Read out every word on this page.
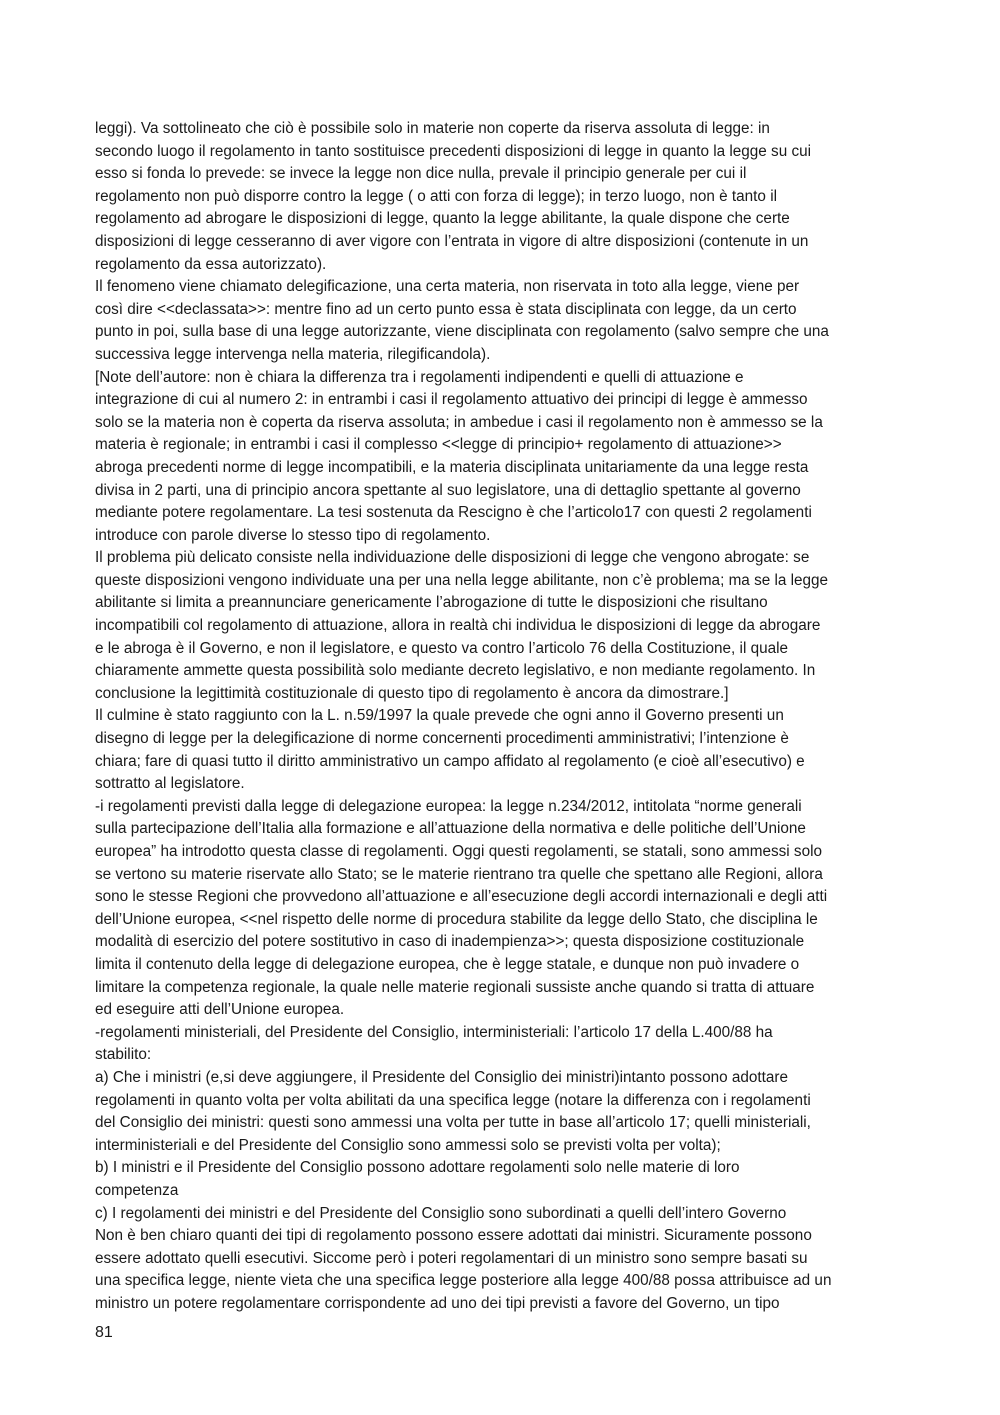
leggi). Va sottolineato che ciò è possibile solo in materie non coperte da riserva assoluta di legge: in
secondo luogo il regolamento in tanto sostituisce precedenti disposizioni di legge in quanto la legge su cui
esso si fonda lo prevede: se invece la legge non dice nulla, prevale il principio generale per cui il
regolamento non può disporre contro la legge ( o atti con forza di legge); in terzo luogo, non è tanto il
regolamento ad abrogare le disposizioni di legge, quanto la legge abilitante, la quale dispone che certe
disposizioni di legge cesseranno di aver vigore con l’entrata in vigore di altre disposizioni (contenute in un
regolamento da essa autorizzato).
Il fenomeno viene chiamato delegificazione, una certa materia, non riservata in toto alla legge, viene per
così dire <<declassata>>: mentre fino ad un certo punto essa è stata disciplinata con legge, da un certo
punto in poi, sulla base di una legge autorizzante, viene disciplinata con regolamento (salvo sempre che una
successiva legge intervenga nella materia, rilegificandola).
[Note dell’autore: non è chiara la differenza tra i regolamenti indipendenti e quelli di attuazione e
integrazione di cui al numero 2: in entrambi i casi il regolamento attuativo dei principi di legge è ammesso
solo se la materia non è coperta da riserva assoluta; in ambedue i casi il regolamento non è ammesso se la
materia è regionale; in entrambi i casi il complesso <<legge di principio+ regolamento di attuazione>>
abroga precedenti norme di legge incompatibili, e la materia disciplinata unitariamente da una legge resta
divisa in 2 parti, una di principio ancora spettante al suo legislatore, una di dettaglio spettante al governo
mediante potere regolamentare. La tesi sostenuta da Rescigno è che l’articolo17 con questi 2 regolamenti
introduce con parole diverse lo stesso tipo di regolamento.
Il problema più delicato consiste nella individuazione delle disposizioni di legge che vengono abrogate: se
queste disposizioni vengono individuate una per una nella legge abilitante, non c’è problema; ma se la legge
abilitante si limita a preannunciare genericamente l’abrogazione di tutte le disposizioni che risultano
incompatibili col regolamento di attuazione, allora in realtà chi individua le disposizioni di legge da abrogare
e le abroga è il Governo, e non il legislatore, e questo va contro l’articolo 76 della Costituzione, il quale
chiaramente ammette questa possibilità solo mediante decreto legislativo, e non mediante regolamento. In
conclusione la legittimità costituzionale di questo tipo di regolamento è ancora da dimostrare.]
Il culmine è stato raggiunto con la L. n.59/1997 la quale prevede che ogni anno il Governo presenti un
disegno di legge per la delegificazione di norme concernenti procedimenti amministrativi; l’intenzione è
chiara; fare di quasi tutto il diritto amministrativo un campo affidato al regolamento (e cioè all’esecutivo) e
sottratto al legislatore.
-i regolamenti previsti dalla legge di delegazione europea: la legge n.234/2012, intitolata “norme generali
sulla partecipazione dell’Italia alla formazione e all’attuazione della normativa e delle politiche dell’Unione
europea” ha introdotto questa classe di regolamenti. Oggi questi regolamenti, se statali, sono ammessi solo
se vertono su materie riservate allo Stato; se le materie rientrano tra quelle che spettano alle Regioni, allora
sono le stesse Regioni che provvedono all’attuazione e all’esecuzione degli accordi internazionali e degli atti
dell’Unione europea, <<nel rispetto delle norme di procedura stabilite da legge dello Stato, che disciplina le
modalità di esercizio del potere sostitutivo in caso di inadempienza>>; questa disposizione costituzionale
limita il contenuto della legge di delegazione europea, che è legge statale, e dunque non può invadere o
limitare la competenza regionale, la quale nelle materie regionali sussiste anche quando si tratta di attuare
ed eseguire atti dell’Unione europea.
-regolamenti ministeriali, del Presidente del Consiglio, interministeriali: l’articolo 17 della L.400/88 ha
stabilito:
a) Che i ministri (e,si deve aggiungere, il Presidente del Consiglio dei ministri)intanto possono adottare
regolamenti in quanto volta per volta abilitati da una specifica legge (notare la differenza con i regolamenti
del Consiglio dei ministri: questi sono ammessi una volta per tutte in base all’articolo 17; quelli ministeriali,
interministeriali e del Presidente del Consiglio sono ammessi solo se previsti volta per volta);
b) I ministri e il Presidente del Consiglio possono adottare regolamenti solo nelle materie di loro
competenza
c) I regolamenti dei ministri e del Presidente del Consiglio sono subordinati a quelli dell’intero Governo
Non è ben chiaro quanti dei tipi di regolamento possono essere adottati dai ministri. Sicuramente possono
essere adottato quelli esecutivi. Siccome però i poteri regolamentari di un ministro sono sempre basati su
una specifica legge, niente vieta che una specifica legge posteriore alla legge 400/88 possa attribuisce ad un
ministro un potere regolamentare corrispondente ad uno dei tipi previsti a favore del Governo, un tipo
81
